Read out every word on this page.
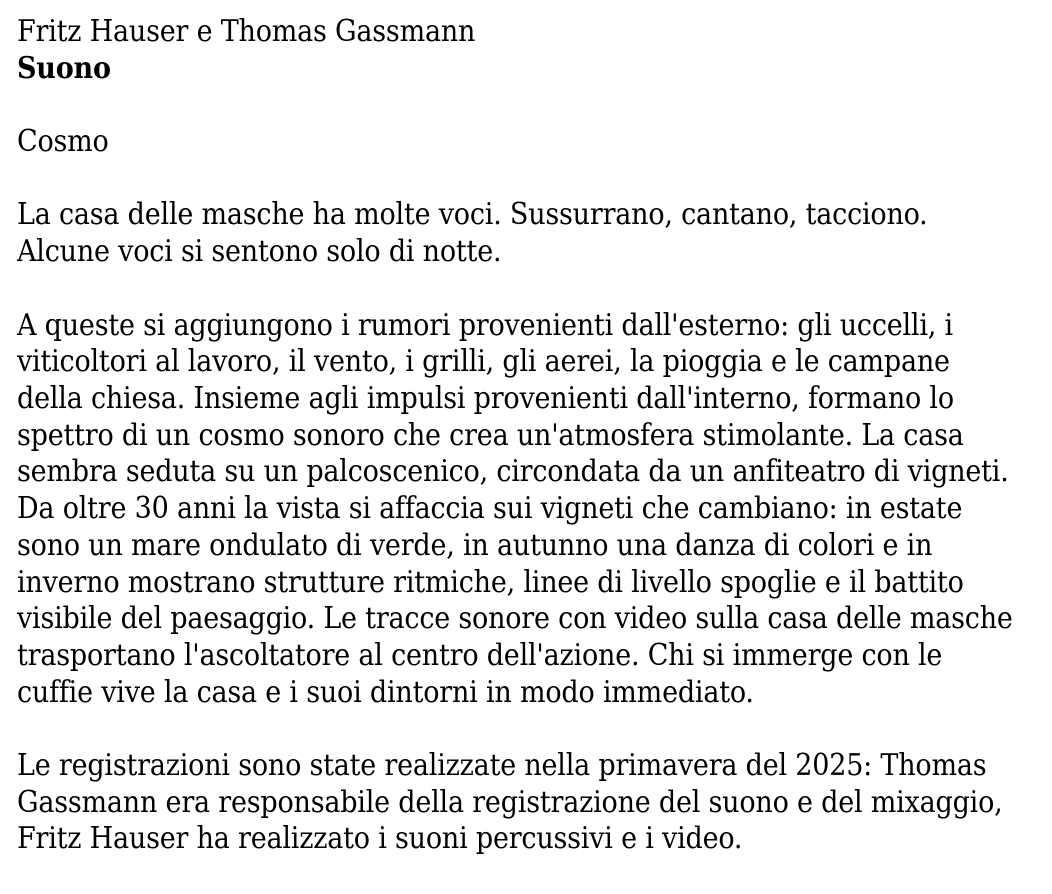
Fritz Hauser e Thomas Gassmann

Suono

Cosmo

La casa delle masche ha molte voci. Sussurrano, cantano, tacciono. Alcune voci si sentono solo di notte.

A queste si aggiungono i rumori provenienti dall'esterno: gli uccelli, i viticoltori al lavoro, il vento, i grilli, gli aerei, la pioggia e le campane della chiesa. Insieme agli impulsi provenienti dall'interno, formano lo spettro di un cosmo sonoro che crea un'atmosfera stimolante. La casa sembra seduta su un palcoscenico, circondata da un anfiteatro di vigneti. Da oltre 30 anni la vista si affaccia sui vigneti che cambiano: in estate sono un mare ondulato di verde, in autunno una danza di colori e in inverno mostrano strutture ritmiche, linee di livello spoglie e il battito visibile del paesaggio. Le tracce sonore con video sulla casa delle masche trasportano l'ascoltatore al centro dell'azione. Chi si immerge con le cuffie vive la casa e i suoi dintorni in modo immediato.

Le registrazioni sono state realizzate nella primavera del 2025: Thomas Gassmann era responsabile della registrazione del suono e del mixaggio, Fritz Hauser ha realizzato i suoni percussivi e i video.
